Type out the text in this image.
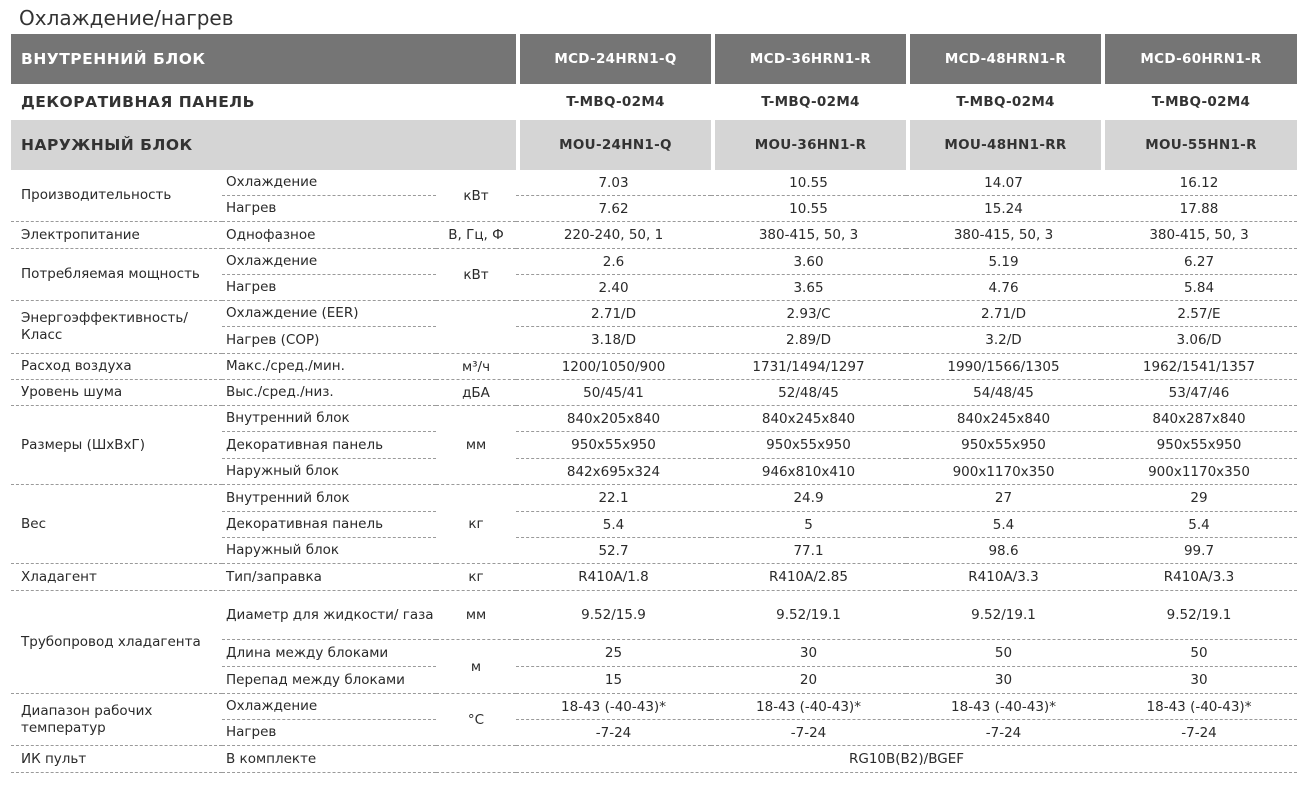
Охлаждение/нагрев
ВНУТРЕННИЙ БЛОК			MCD-24HRN1-Q	MCD-36HRN1-R	MCD-48HRN1-R	MCD-60HRN1-R
ДЕКОРАТИВНАЯ ПАНЕЛЬ			T-MBQ-02M4	T-MBQ-02M4	T-MBQ-02M4	T-MBQ-02M4
НАРУЖНЫЙ БЛОК			MOU-24HN1-Q	MOU-36HN1-R	MOU-48HN1-RR	MOU-55HN1-R
Производительность	Охлаждение	кВт	7.03	10.55	14.07	16.12
	Нагрев		7.62	10.55	15.24	17.88
Электропитание	Однофазное	В, Гц, Ф	220-240, 50, 1	380-415, 50, 3	380-415, 50, 3	380-415, 50, 3
Потребляемая мощность	Охлаждение	кВт	2.6	3.60	5.19	6.27
	Нагрев		2.40	3.65	4.76	5.84
Энергоэффективность/ Класс	Охлаждение (EER)		2.71/D	2.93/C	2.71/D	2.57/E
	Нагрев (COP)		3.18/D	2.89/D	3.2/D	3.06/D
Расход воздуха	Макс./сред./мин.	м³/ч	1200/1050/900	1731/1494/1297	1990/1566/1305	1962/1541/1357
Уровень шума	Выс./сред./низ.	дБА	50/45/41	52/48/45	54/48/45	53/47/46
Размеры (ШхВхГ)	Внутренний блок	мм	840x205x840	840x245x840	840x245x840	840x287x840
	Декоративная панель		950x55x950	950x55x950	950x55x950	950x55x950
	Наружный блок		842x695x324	946x810x410	900x1170x350	900x1170x350
Вес	Внутренний блок	кг	22.1	24.9	27	29
	Декоративная панель		5.4	5	5.4	5.4
	Наружный блок		52.7	77.1	98.6	99.7
Хладагент	Тип/заправка	кг	R410A/1.8	R410A/2.85	R410A/3.3	R410A/3.3
Трубопровод хладагента	Диаметр для жидкости/ газа	мм	9.52/15.9	9.52/19.1	9.52/19.1	9.52/19.1
	Длина между блоками	м	25	30	50	50
	Перепад между блоками		15	20	30	30
Диапазон рабочих температур	Охлаждение	°C	18-43 (-40-43)*	18-43 (-40-43)*	18-43 (-40-43)*	18-43 (-40-43)*
	Нагрев		-7-24	-7-24	-7-24	-7-24
ИК пульт	В комплекте		RG10B(B2)/BGEF			
